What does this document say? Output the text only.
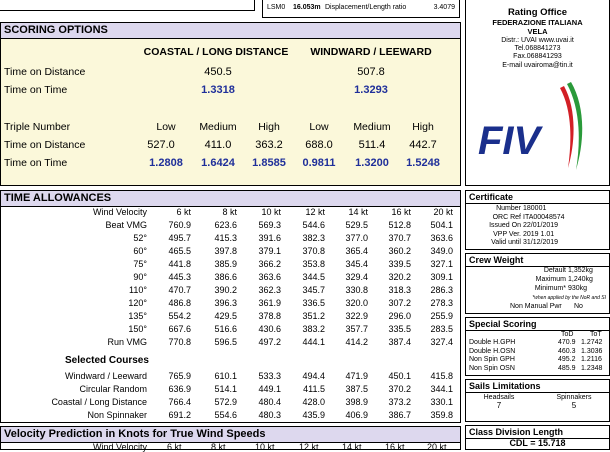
LSM0 16.053m Displacement/Length ratio	3.4079
SCORING OPTIONS
COASTAL / LONG DISTANCE	WINDWARD / LEEWARD
Time on Distance	450.5	507.8
Time on Time	1.3318	1.3293
Triple Number	Low	Medium	High	Low	Medium	High
Time on Distance	527.0	411.0	363.2	688.0	511.4	442.7
Time on Time	1.2808	1.6424	1.8585	0.9811	1.3200	1.5248
Rating Office
FEDERAZIONE ITALIANA
VELA
Distr.: UVAI www.uvai.it
Tel.068841273
Fax.068841293
E-mail uvairoma@tin.it
FIV
TIME ALLOWANCES
Wind Velocity	6 kt	8 kt	10 kt	12 kt	14 kt	16 kt	20 kt
Beat VMG	760.9	623.6	569.3	544.6	529.5	512.8	504.1
52°	495.7	415.3	391.6	382.3	377.0	370.7	363.6
60°	465.5	397.8	379.1	370.8	365.4	360.2	349.0
75°	441.8	385.9	366.2	353.8	345.4	339.5	327.1
90°	445.3	386.6	363.6	344.5	329.4	320.2	309.1
110°	470.7	390.2	362.3	345.7	330.8	318.3	286.3
120°	486.8	396.3	361.9	336.5	320.0	307.2	278.3
135°	554.2	429.5	378.8	351.2	322.9	296.0	255.9
150°	667.6	516.6	430.6	383.2	357.7	335.5	283.5
Run VMG	770.8	596.5	497.2	444.1	414.2	387.4	327.4
Selected Courses
Windward / Leeward	765.9	610.1	533.3	494.4	471.9	450.1	415.8
Circular Random	636.9	514.1	449.1	411.5	387.5	370.2	344.1
Coastal / Long Distance	766.4	572.9	480.4	428.0	398.9	373.2	330.1
Non Spinnaker	691.2	554.6	480.3	435.9	406.9	386.7	359.8
Velocity Prediction in Knots for True Wind Speeds
Wind Velocity 6 kt	8 kt	10 kt	12 kt	14 kt	16 kt 20 kt
Certificate
Number 180001
ORC Ref ITA00048574
Issued On 22/01/2019
VPP Ver. 2019 1.01
Valid until 31/12/2019
Crew Weight
Default 1,352kg
Maximum 1,240kg
Minimum* 930kg
*when applied by the NoR and SI
Non Manual Pwr No
Special Scoring
ToD ToT
Double H.GPH	470.9 1.2742
Double H.OSN	460.3 1.3036
Non Spin GPH	495.2 1.2116
Non Spin OSN	485.9 1.2348
Sails Limitations
Headsails
7
Spinnakers
5
Class Division Length
CDL = 15.718
